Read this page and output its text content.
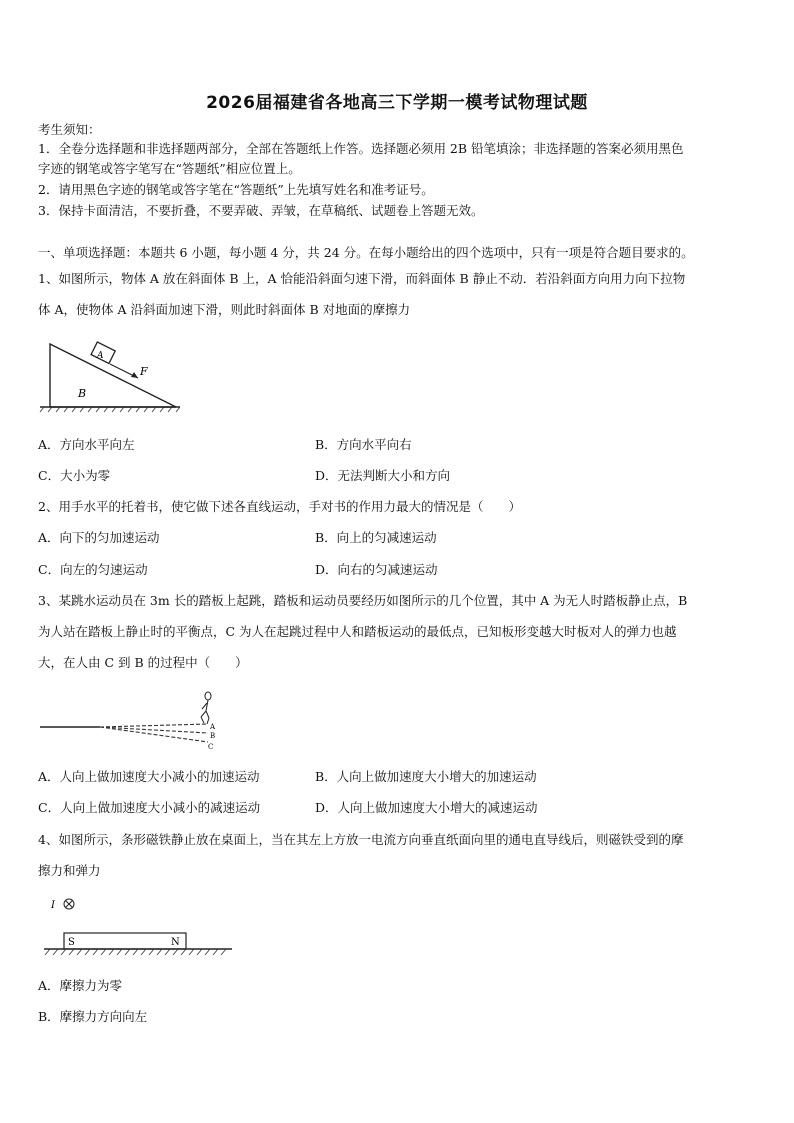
2026届福建省各地高三下学期一模考试物理试题
考生须知：
1．全卷分选择题和非选择题两部分，全部在答题纸上作答。选择题必须用 2B 铅笔填涂；非选择题的答案必须用黑色
字迹的钢笔或答字笔写在“答题纸”相应位置上。
2．请用黑色字迹的钢笔或答字笔在“答题纸”上先填写姓名和准考证号。
3．保持卡面清洁，不要折叠，不要弄破、弄皱，在草稿纸、试题卷上答题无效。
一、单项选择题：本题共 6 小题，每小题 4 分，共 24 分。在每小题给出的四个选项中，只有一项是符合题目要求的。
1、如图所示，物体 A 放在斜面体 B 上，A 恰能沿斜面匀速下滑，而斜面体 B 静止不动．若沿斜面方向用力向下拉物
体 A，使物体 A 沿斜面加速下滑，则此时斜面体 B 对地面的摩擦力
F
A
B
A．方向水平向左	B．方向水平向右
C．大小为零	D．无法判断大小和方向
2、用手水平的托着书，使它做下述各直线运动，手对书的作用力最大的情况是（　　）
A．向下的匀加速运动	B．向上的匀减速运动
C．向左的匀速运动	D．向右的匀减速运动
3、某跳水运动员在 3m 长的踏板上起跳，踏板和运动员要经历如图所示的几个位置，其中 A 为无人时踏板静止点，B
为人站在踏板上静止时的平衡点，C 为人在起跳过程中人和踏板运动的最低点，已知板形变越大时板对人的弹力也越
大，在人由 C 到 B 的过程中（　　）
A
B
C
A．人向上做加速度大小减小的加速运动	B．人向上做加速度大小增大的加速运动
C．人向上做加速度大小减小的减速运动	D．人向上做加速度大小增大的减速运动
4、如图所示，条形磁铁静止放在桌面上，当在其左上方放一电流方向垂直纸面向里的通电直导线后，则磁铁受到的摩
擦力和弹力
I
S	N
A．摩擦力为零
B．摩擦力方向向左
